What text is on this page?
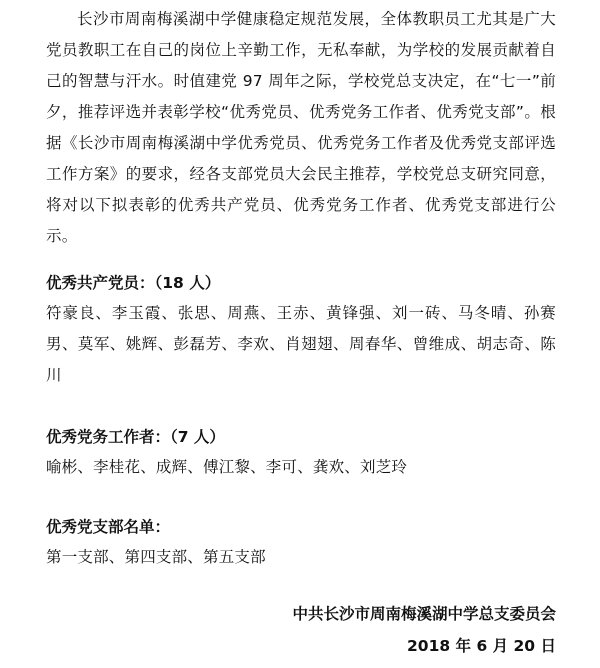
长沙市周南梅溪湖中学健康稳定规范发展，全体教职员工尤其是广大党员教职工在自己的岗位上辛勤工作，无私奉献，为学校的发展贡献着自己的智慧与汗水。时值建党 97 周年之际，学校党总支决定，在“七一”前夕，推荐评选并表彰学校“优秀党员、优秀党务工作者、优秀党支部”。根据《长沙市周南梅溪湖中学优秀党员、优秀党务工作者及优秀党支部评选工作方案》的要求，经各支部党员大会民主推荐，学校党总支研究同意，将对以下拟表彰的优秀共产党员、优秀党务工作者、优秀党支部进行公示。

优秀共产党员：（18 人）

符豪良、李玉霞、张思、周燕、王赤、黄锋强、刘一砖、马冬晴、孙赛男、莫军、姚辉、彭磊芳、李欢、肖翅翅、周春华、曾维成、胡志奇、陈川

优秀党务工作者：（7 人）

喻彬、李桂花、成辉、傅江黎、李可、龚欢、刘芝玲

优秀党支部名单：

第一支部、第四支部、第五支部

中共长沙市周南梅溪湖中学总支委员会
2018 年 6 月 20 日
